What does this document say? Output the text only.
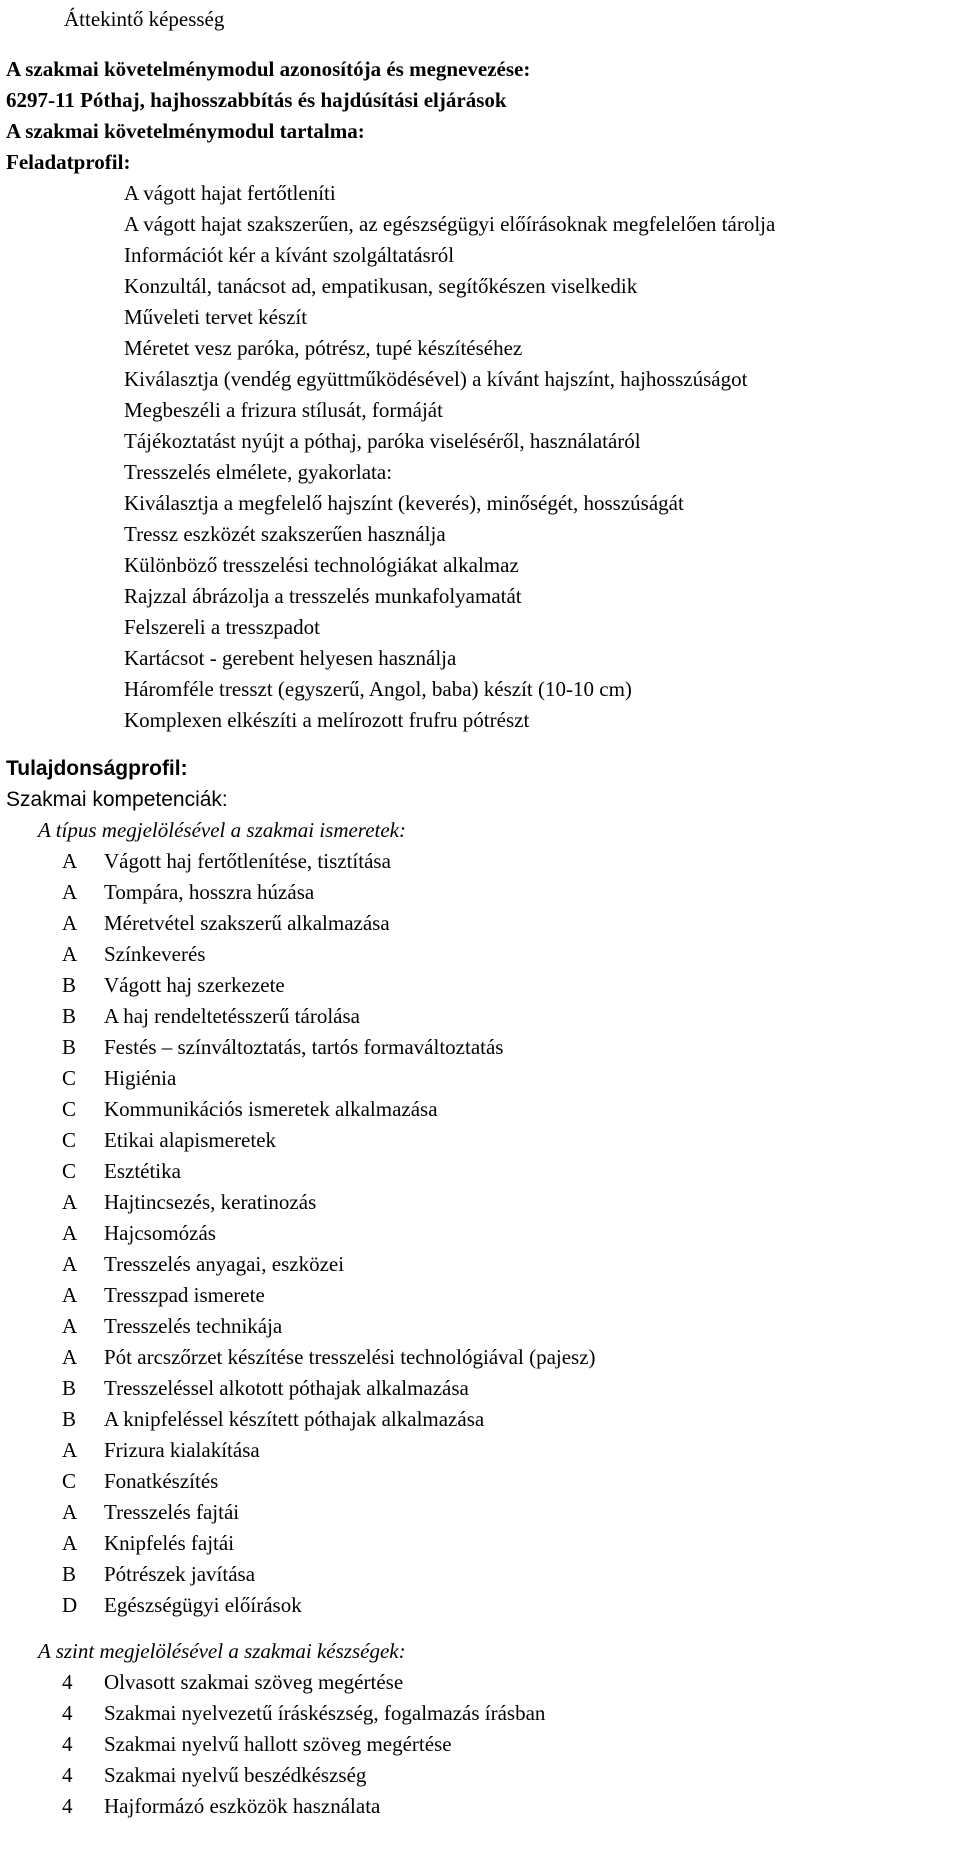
Áttekintő képesség
A szakmai követelménymodul azonosítója és megnevezése:
6297-11 Póthaj, hajhosszabbítás és hajdúsítási eljárások
A szakmai követelménymodul tartalma:
Feladatprofil:
A vágott hajat fertőtleníti
A vágott hajat szakszerűen, az egészségügyi előírásoknak megfelelően tárolja
Információt kér a kívánt szolgáltatásról
Konzultál, tanácsot ad, empatikusan, segítőkészen viselkedik
Műveleti tervet készít
Méretet vesz paróka, pótrész, tupé készítéséhez
Kiválasztja (vendég együttműködésével) a kívánt hajszínt, hajhosszúságot
Megbeszéli a frizura stílusát, formáját
Tájékoztatást nyújt a póthaj, paróka viseléséről, használatáról
Tresszelés elmélete, gyakorlata:
Kiválasztja a megfelelő hajszínt (keverés), minőségét, hosszúságát
Tressz eszközét szakszerűen használja
Különböző tresszelési technológiákat alkalmaz
Rajzzal ábrázolja a tresszelés munkafolyamatát
Felszereli a tresszpadot
Kartácsot - gerebent helyesen használja
Háromféle tresszt (egyszerű, Angol, baba) készít (10-10 cm)
Komplexen elkészíti a melírozott frufru pótrészt
Tulajdonságprofil:
Szakmai kompetenciák:
A típus megjelölésével a szakmai ismeretek:
A	Vágott haj fertőtlenítése, tisztítása
A	Tompára, hosszra húzása
A	Méretvétel szakszerű alkalmazása
A	Színkeverés
B	Vágott haj szerkezete
B	A haj rendeltetésszerű tárolása
B	Festés – színváltoztatás, tartós formaváltoztatás
C	Higiénia
C	Kommunikációs ismeretek alkalmazása
C	Etikai alapismeretek
C	Esztétika
A	Hajtincsezés, keratinozás
A	Hajcsomózás
A	Tresszelés anyagai, eszközei
A	Tresszpad ismerete
A	Tresszelés technikája
A	Pót arcszőrzet készítése tresszelési technológiával (pajesz)
B	Tresszeléssel alkotott póthajak alkalmazása
B	A knipfeléssel készített póthajak alkalmazása
A	Frizura kialakítása
C	Fonatkészítés
A	Tresszelés fajtái
A	Knipfelés fajtái
B	Pótrészek javítása
D	Egészségügyi előírások
A szint megjelölésével a szakmai készségek:
4	Olvasott szakmai szöveg megértése
4	Szakmai nyelvezetű íráskészség, fogalmazás írásban
4	Szakmai nyelvű hallott szöveg megértése
4	Szakmai nyelvű beszédkészség
4	Hajformázó eszközök használata
